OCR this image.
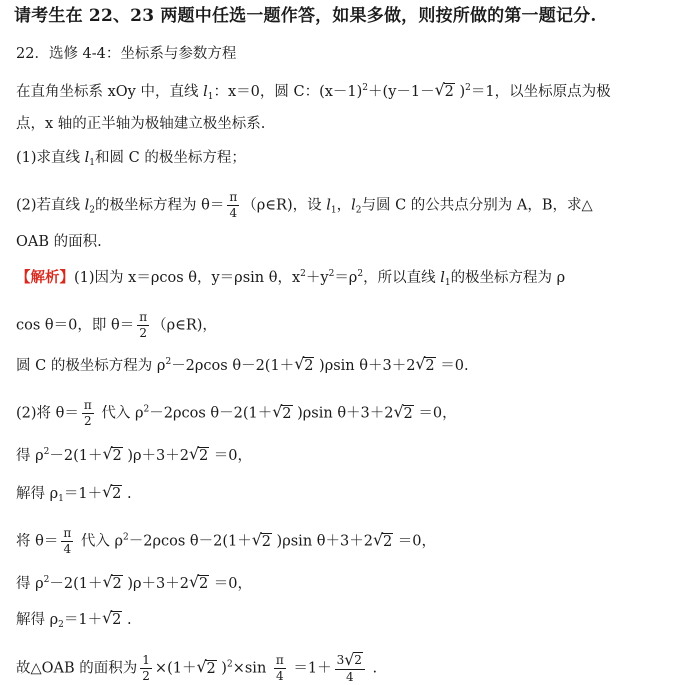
请考生在 22、23 两题中任选一题作答，如果多做，则按所做的第一题记分.
22．选修 4-4：坐标系与参数方程
在直角坐标系 xOy 中，直线 $l_1$：x＝0，圆 C：$(x-1)^2+(y-1-$ √ 2 )$^2$＝1，以坐标原点为极
点，x 轴的正半轴为极轴建立极坐标系.
(1)求直线 $l_1$和圆 C 的极坐标方程；
(2)若直线 $l_2$的极坐标方程为 $\theta= \frac{\pi}{4}$ （ρ∈R)，设 $l_1$，$l_2$与圆 C 的公共点分别为 A，B，求△
OAB 的面积.
【解析】(1)因为 x＝ρcos θ，y＝ρsin θ，$x^2+y^2=\rho^2$，所以直线 $l_1$的极坐标方程为 ρ
cos θ＝0，即 $\theta= \frac{\pi}{2}$ （ρ∈R)，
圆 C 的极坐标方程为 $\rho^2-2\rho\cos$ θ－2(1＋ √ 2 )ρsin θ＋3＋2 √ 2 ＝0.
(2)将 $\theta= \frac{\pi}{2}$ 代入 $\rho^2-2\rho\cos$ θ－2(1＋ √ 2 )ρsin θ＋3＋2 √ 2 ＝0，
得 $\rho^2-2(1+$ √ 2 )ρ＋3＋2 √ 2 ＝0，
解得 $\rho_1=1+$ √ 2 .
将 $\theta= \frac{\pi}{4}$ 代入 $\rho^2-2\rho\cos$ θ－2(1＋ √ 2 )ρsin θ＋3＋2 √ 2 ＝0，
得 $\rho^2-2(1+$ √ 2 )ρ＋3＋2 √ 2 ＝0，
解得 $\rho_2=1+$ √ 2 .
故△OAB 的面积为 $\frac{1}{2} \times(1+$ √ 2 )$^2\times\sin \frac{\pi}{4} =1+ \frac{3 √ 2}{4}$ .
